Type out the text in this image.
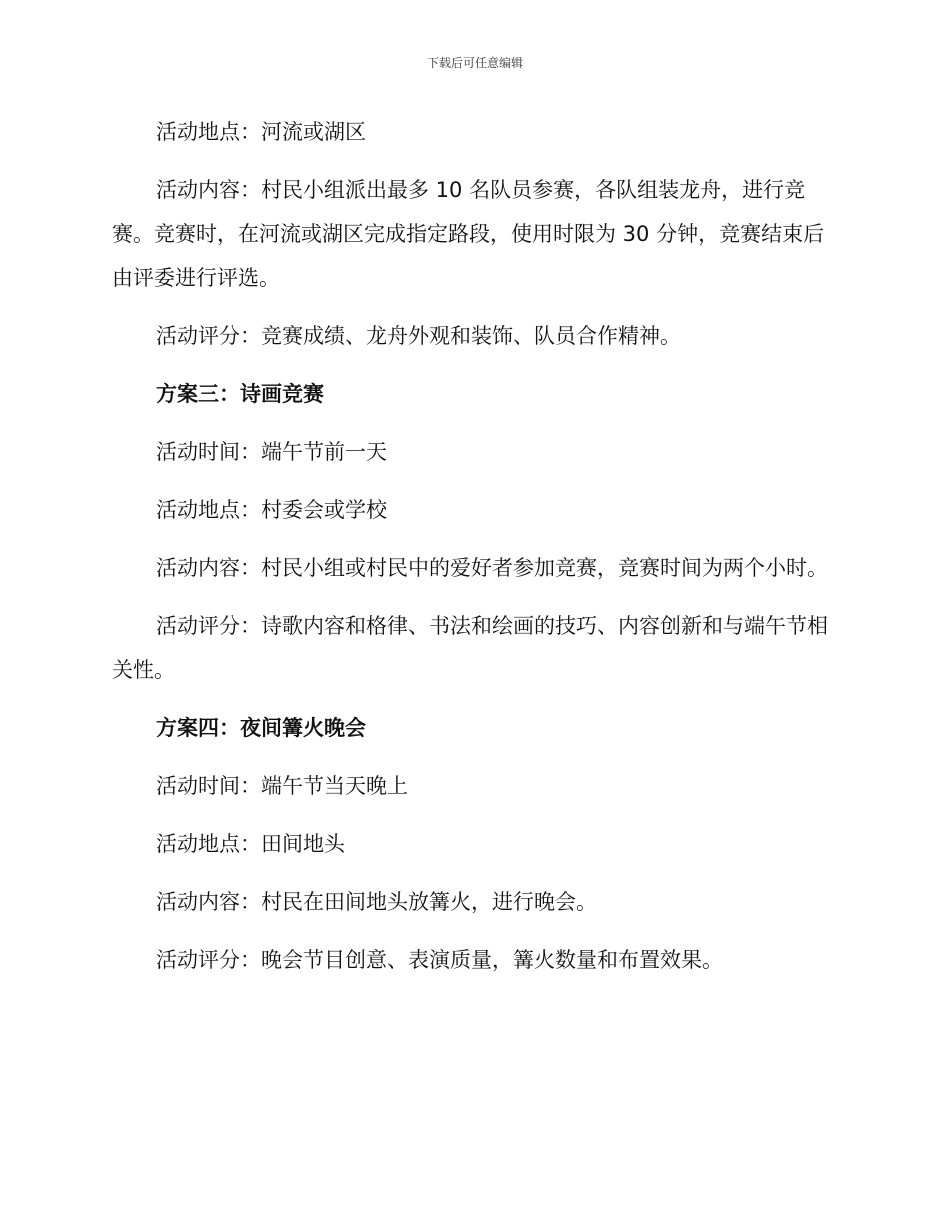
下载后可任意编辑

活动地点：河流或湖区

活动内容：村民小组派出最多 10 名队员参赛，各队组装龙舟，进行竞赛。竞赛时，在河流或湖区完成指定路段，使用时限为 30 分钟，竞赛结束后由评委进行评选。

活动评分：竞赛成绩、龙舟外观和装饰、队员合作精神。

方案三：诗画竞赛

活动时间：端午节前一天

活动地点：村委会或学校

活动内容：村民小组或村民中的爱好者参加竞赛，竞赛时间为两个小时。

活动评分：诗歌内容和格律、书法和绘画的技巧、内容创新和与端午节相关性。

方案四：夜间篝火晚会

活动时间：端午节当天晚上

活动地点：田间地头

活动内容：村民在田间地头放篝火，进行晚会。

活动评分：晚会节目创意、表演质量，篝火数量和布置效果。
